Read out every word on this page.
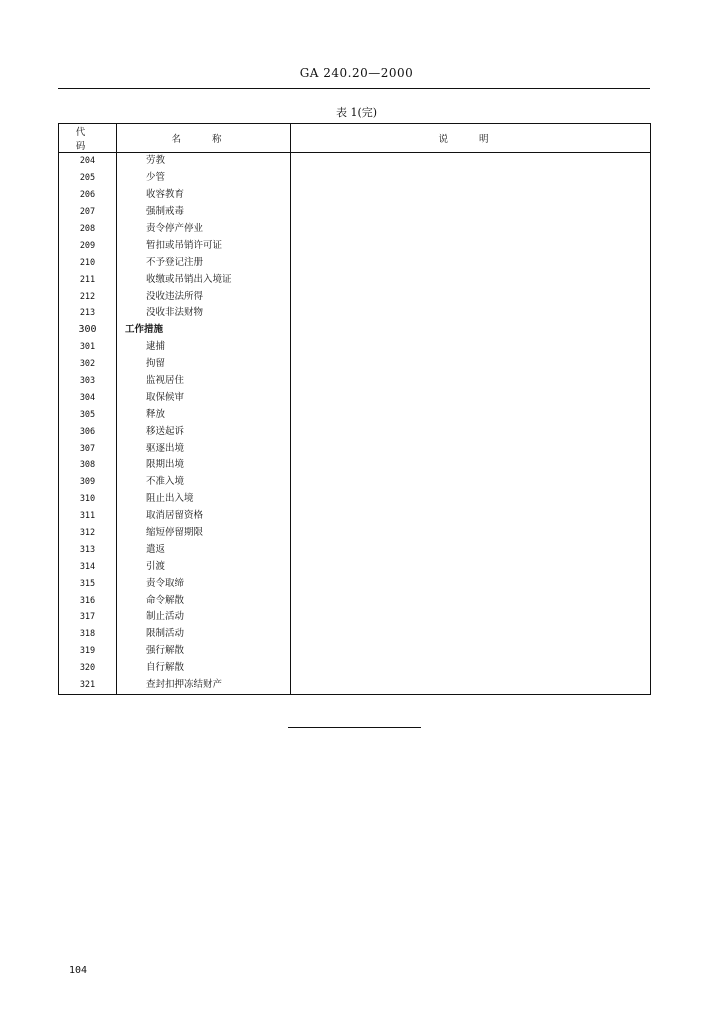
GA 240.20—2000
表 1(完)
代 码	名 称	说 明
204	劳教	
205	少管	
206	收容教育	
207	强制戒毒	
208	责令停产停业	
209	暂扣或吊销许可证	
210	不予登记注册	
211	收缴或吊销出入境证	
212	没收违法所得	
213	没收非法财物	
300	工作措施	
301	逮捕	
302	拘留	
303	监视居住	
304	取保候审	
305	释放	
306	移送起诉	
307	驱逐出境	
308	限期出境	
309	不准入境	
310	阻止出入境	
311	取消居留资格	
312	缩短停留期限	
313	遣返	
314	引渡	
315	责令取缔	
316	命令解散	
317	制止活动	
318	限制活动	
319	强行解散	
320	自行解散	
321	查封扣押冻结财产	
104
